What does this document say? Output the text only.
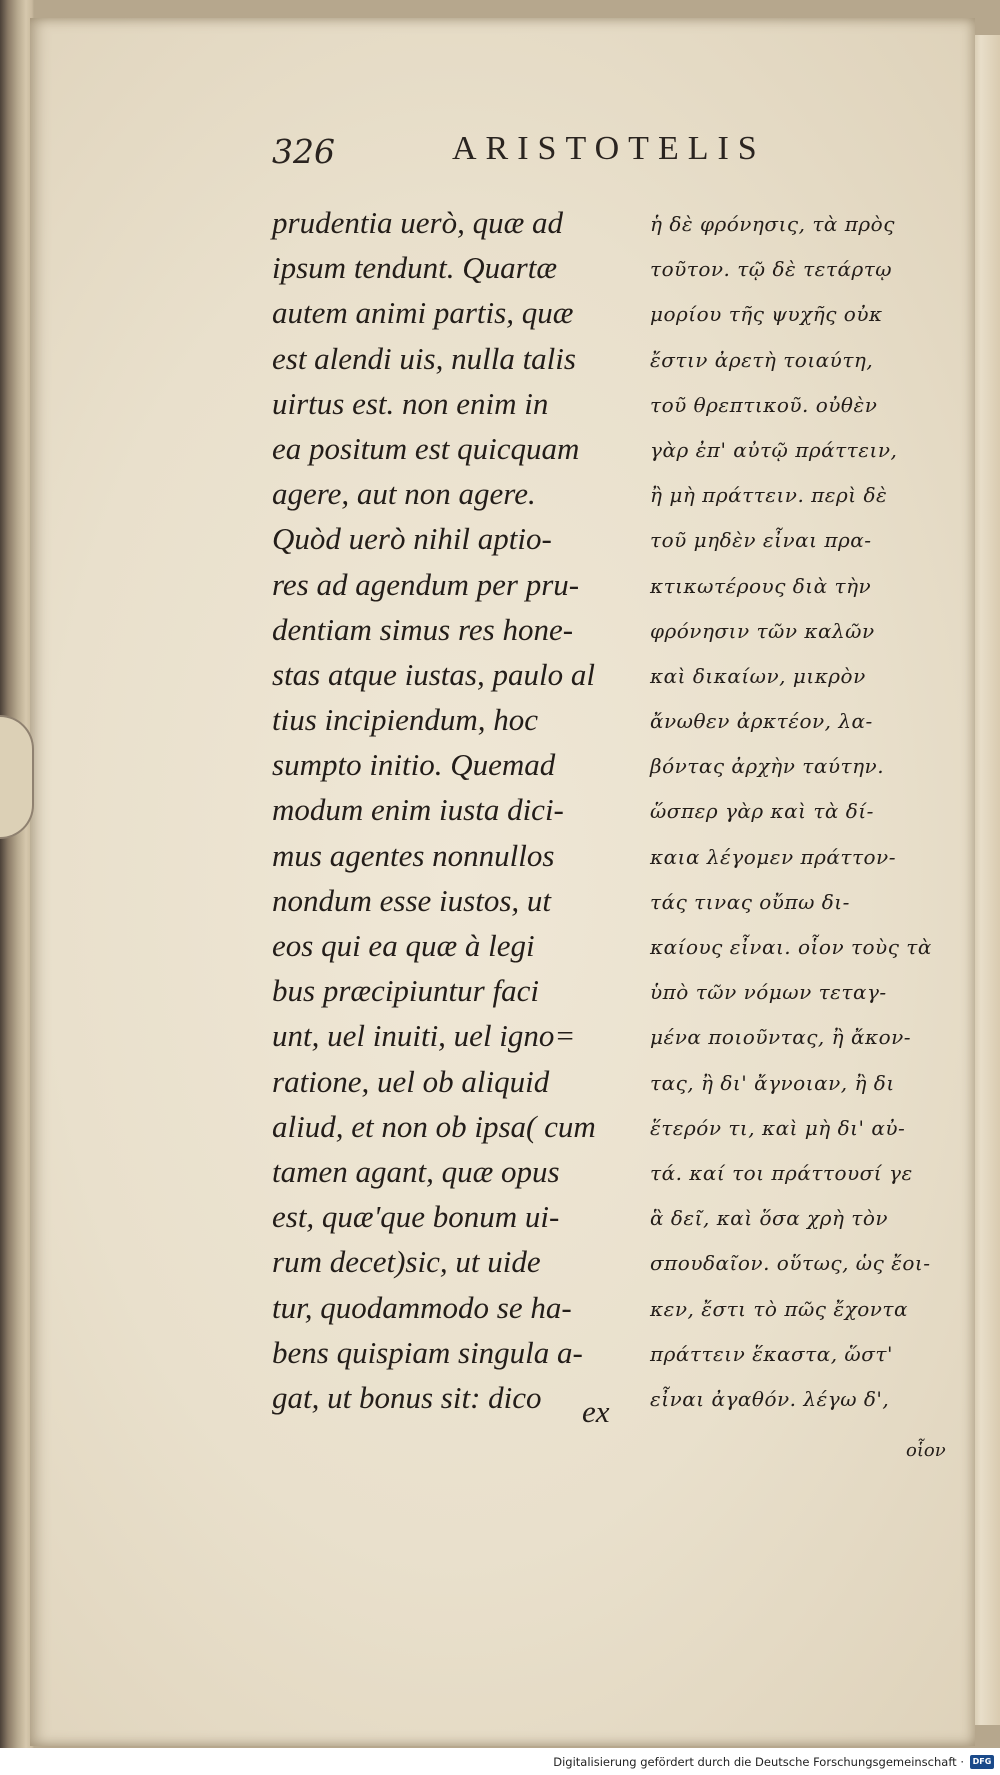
326	ARISTOTELIS
prudentia uerò, quæ ad
ipsum tendunt. Quartæ
autem animi partis, quæ
est alendi uis, nulla talis
uirtus est. non enim in
ea positum est quicquam
agere, aut non agere.
Quòd uerò nihil aptio-
res ad agendum per pru-
dentiam simus res hone-
stas atque iustas, paulo al
tius incipiendum, hoc
sumpto initio. Quemad
modum enim iusta dici-
mus agentes nonnullos
nondum esse iustos, ut
eos qui ea quæ à legi
bus præcipiuntur faci
unt, uel inuiti, uel igno=
ratione, uel ob aliquid
aliud, et non ob ipsa( cum
tamen agant, quæ opus
est, quæ'que bonum ui-
rum decet)sic, ut uide
tur, quodammodo se ha-
bens quispiam singula a-
gat, ut bonus sit: dico	ex
ἡ δὲ φρόνησις, τὰ πρὸς
τοῦτον. τῷ δὲ τετάρτῳ
μορίου τῆς ψυχῆς οὐκ
ἔστιν ἀρετὴ τοιαύτη,
τοῦ θρεπτικοῦ. οὐθὲν
γὰρ ἐπ' αὐτῷ πράττειν,
ἢ μὴ πράττειν. περὶ δὲ
τοῦ μηδὲν εἶναι πρα-
κτικωτέρους διὰ τὴν
φρόνησιν τῶν καλῶν
καὶ δικαίων, μικρὸν
ἄνωθεν ἀρκτέον, λα-
βόντας ἀρχὴν ταύτην.
ὥσπερ γὰρ καὶ τὰ δί-
καια λέγομεν πράττον-
τάς τινας οὔπω δι-
καίους εἶναι. οἷον τοὺς τὰ
ὑπὸ τῶν νόμων τεταγ-
μένα ποιοῦντας, ἢ ἄκον-
τας, ἢ δι' ἄγνοιαν, ἢ δι
ἕτερόν τι, καὶ μὴ δι' αὐ-
τά. καί τοι πράττουσί γε
ἃ δεῖ, καὶ ὅσα χρὴ τὸν
σπουδαῖον. οὕτως, ὡς ἔοι-
κεν, ἔστι τὸ πῶς ἔχοντα
πράττειν ἕκαστα, ὥστ'
εἶναι ἀγαθόν. λέγω δ',
οἷον
Digitalisierung gefördert durch die Deutsche Forschungsgemeinschaft ·	DFG
